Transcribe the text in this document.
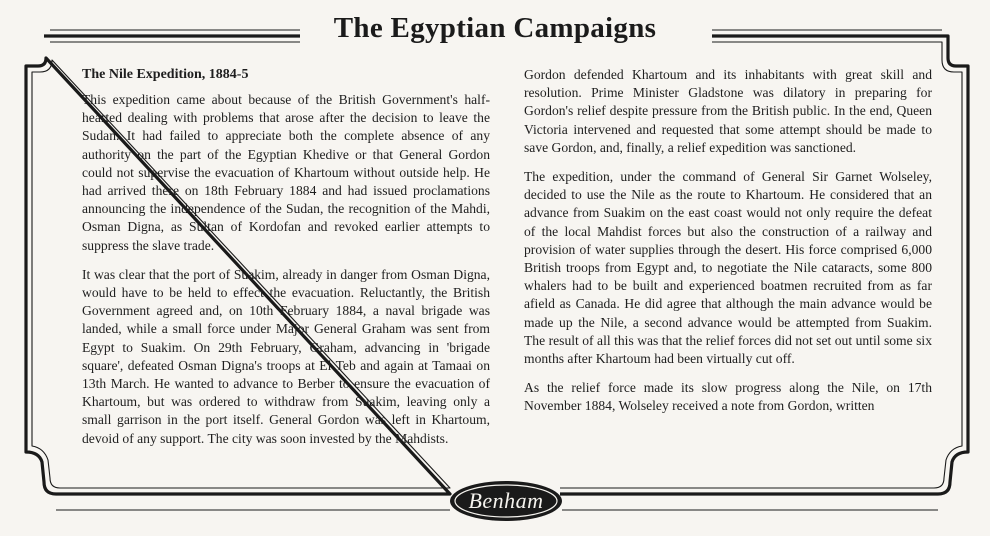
The Egyptian Campaigns

The Nile Expedition, 1884-5

This expedition came about because of the British Government's half-hearted dealing with problems that arose after the decision to leave the Sudan. It had failed to appreciate both the complete absence of any authority on the part of the Egyptian Khedive or that General Gordon could not supervise the evacuation of Khartoum without outside help. He had arrived there on 18th February 1884 and had issued proclamations announcing the independence of the Sudan, the recognition of the Mahdi, Osman Digna, as Sultan of Kordofan and revoked earlier attempts to suppress the slave trade.

It was clear that the port of Suakim, already in danger from Osman Digna, would have to be held to effect the evacuation. Reluctantly, the British Government agreed and, on 10th February 1884, a naval brigade was landed, while a small force under Major General Graham was sent from Egypt to Suakim. On 29th February, Graham, advancing in 'brigade square', defeated Osman Digna's troops at El Teb and again at Tamaai on 13th March. He wanted to advance to Berber to ensure the evacuation of Khartoum, but was ordered to withdraw from Suakim, leaving only a small garrison in the port itself. General Gordon was left in Khartoum, devoid of any support. The city was soon invested by the Mahdists.

Gordon defended Khartoum and its inhabitants with great skill and resolution. Prime Minister Gladstone was dilatory in preparing for Gordon's relief despite pressure from the British public. In the end, Queen Victoria intervened and requested that some attempt should be made to save Gordon, and, finally, a relief expedition was sanctioned.

The expedition, under the command of General Sir Garnet Wolseley, decided to use the Nile as the route to Khartoum. He considered that an advance from Suakim on the east coast would not only require the defeat of the local Mahdist forces but also the construction of a railway and provision of water supplies through the desert. His force comprised 6,000 British troops from Egypt and, to negotiate the Nile cataracts, some 800 whalers had to be built and experienced boatmen recruited from as far afield as Canada. He did agree that although the main advance would be made up the Nile, a second advance would be attempted from Suakim. The result of all this was that the relief forces did not set out until some six months after Khartoum had been virtually cut off.

As the relief force made its slow progress along the Nile, on 17th November 1884, Wolseley received a note from Gordon, written

Benham
